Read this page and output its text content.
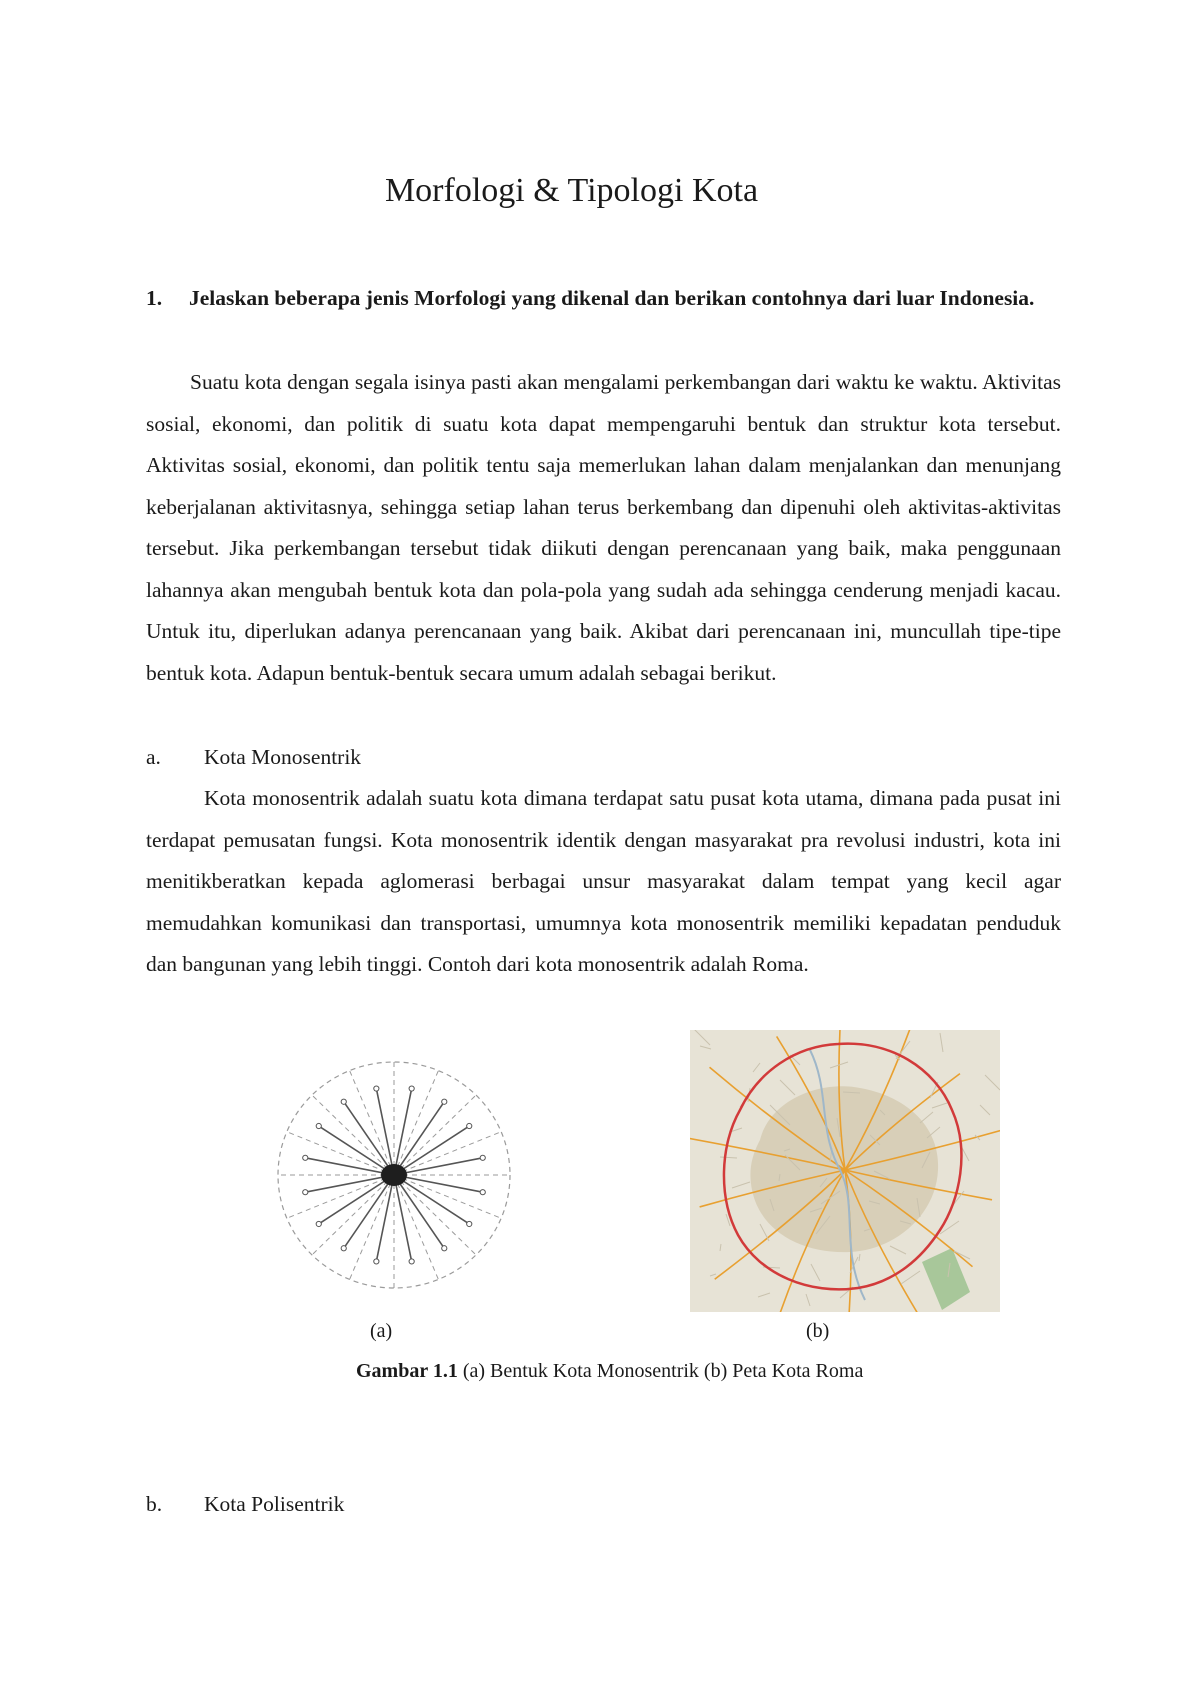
Morfologi & Tipologi Kota
1. Jelaskan beberapa jenis Morfologi yang dikenal dan berikan contohnya dari luar Indonesia.

Suatu kota dengan segala isinya pasti akan mengalami perkembangan dari waktu ke waktu. Aktivitas sosial, ekonomi, dan politik di suatu kota dapat mempengaruhi bentuk dan struktur kota tersebut. Aktivitas sosial, ekonomi, dan politik tentu saja memerlukan lahan dalam menjalankan dan menunjang keberjalanan aktivitasnya, sehingga setiap lahan terus berkembang dan dipenuhi oleh aktivitas-aktivitas tersebut. Jika perkembangan tersebut tidak diikuti dengan perencanaan yang baik, maka penggunaan lahannya akan mengubah bentuk kota dan pola-pola yang sudah ada sehingga cenderung menjadi kacau. Untuk itu, diperlukan adanya perencanaan yang baik. Akibat dari perencanaan ini, muncullah tipe-tipe bentuk kota. Adapun bentuk-bentuk secara umum adalah sebagai berikut.

a. Kota Monosentrik

Kota monosentrik adalah suatu kota dimana terdapat satu pusat kota utama, dimana pada pusat ini terdapat pemusatan fungsi. Kota monosentrik identik dengan masyarakat pra revolusi industri, kota ini menitikberatkan kepada aglomerasi berbagai unsur masyarakat dalam tempat yang kecil agar memudahkan komunikasi dan transportasi, umumnya kota monosentrik memiliki kepadatan penduduk dan bangunan yang lebih tinggi. Contoh dari kota monosentrik adalah Roma.

(a)	(b)
Gambar 1.1 (a) Bentuk Kota Monosentrik (b) Peta Kota Roma
b. Kota Polisentrik
